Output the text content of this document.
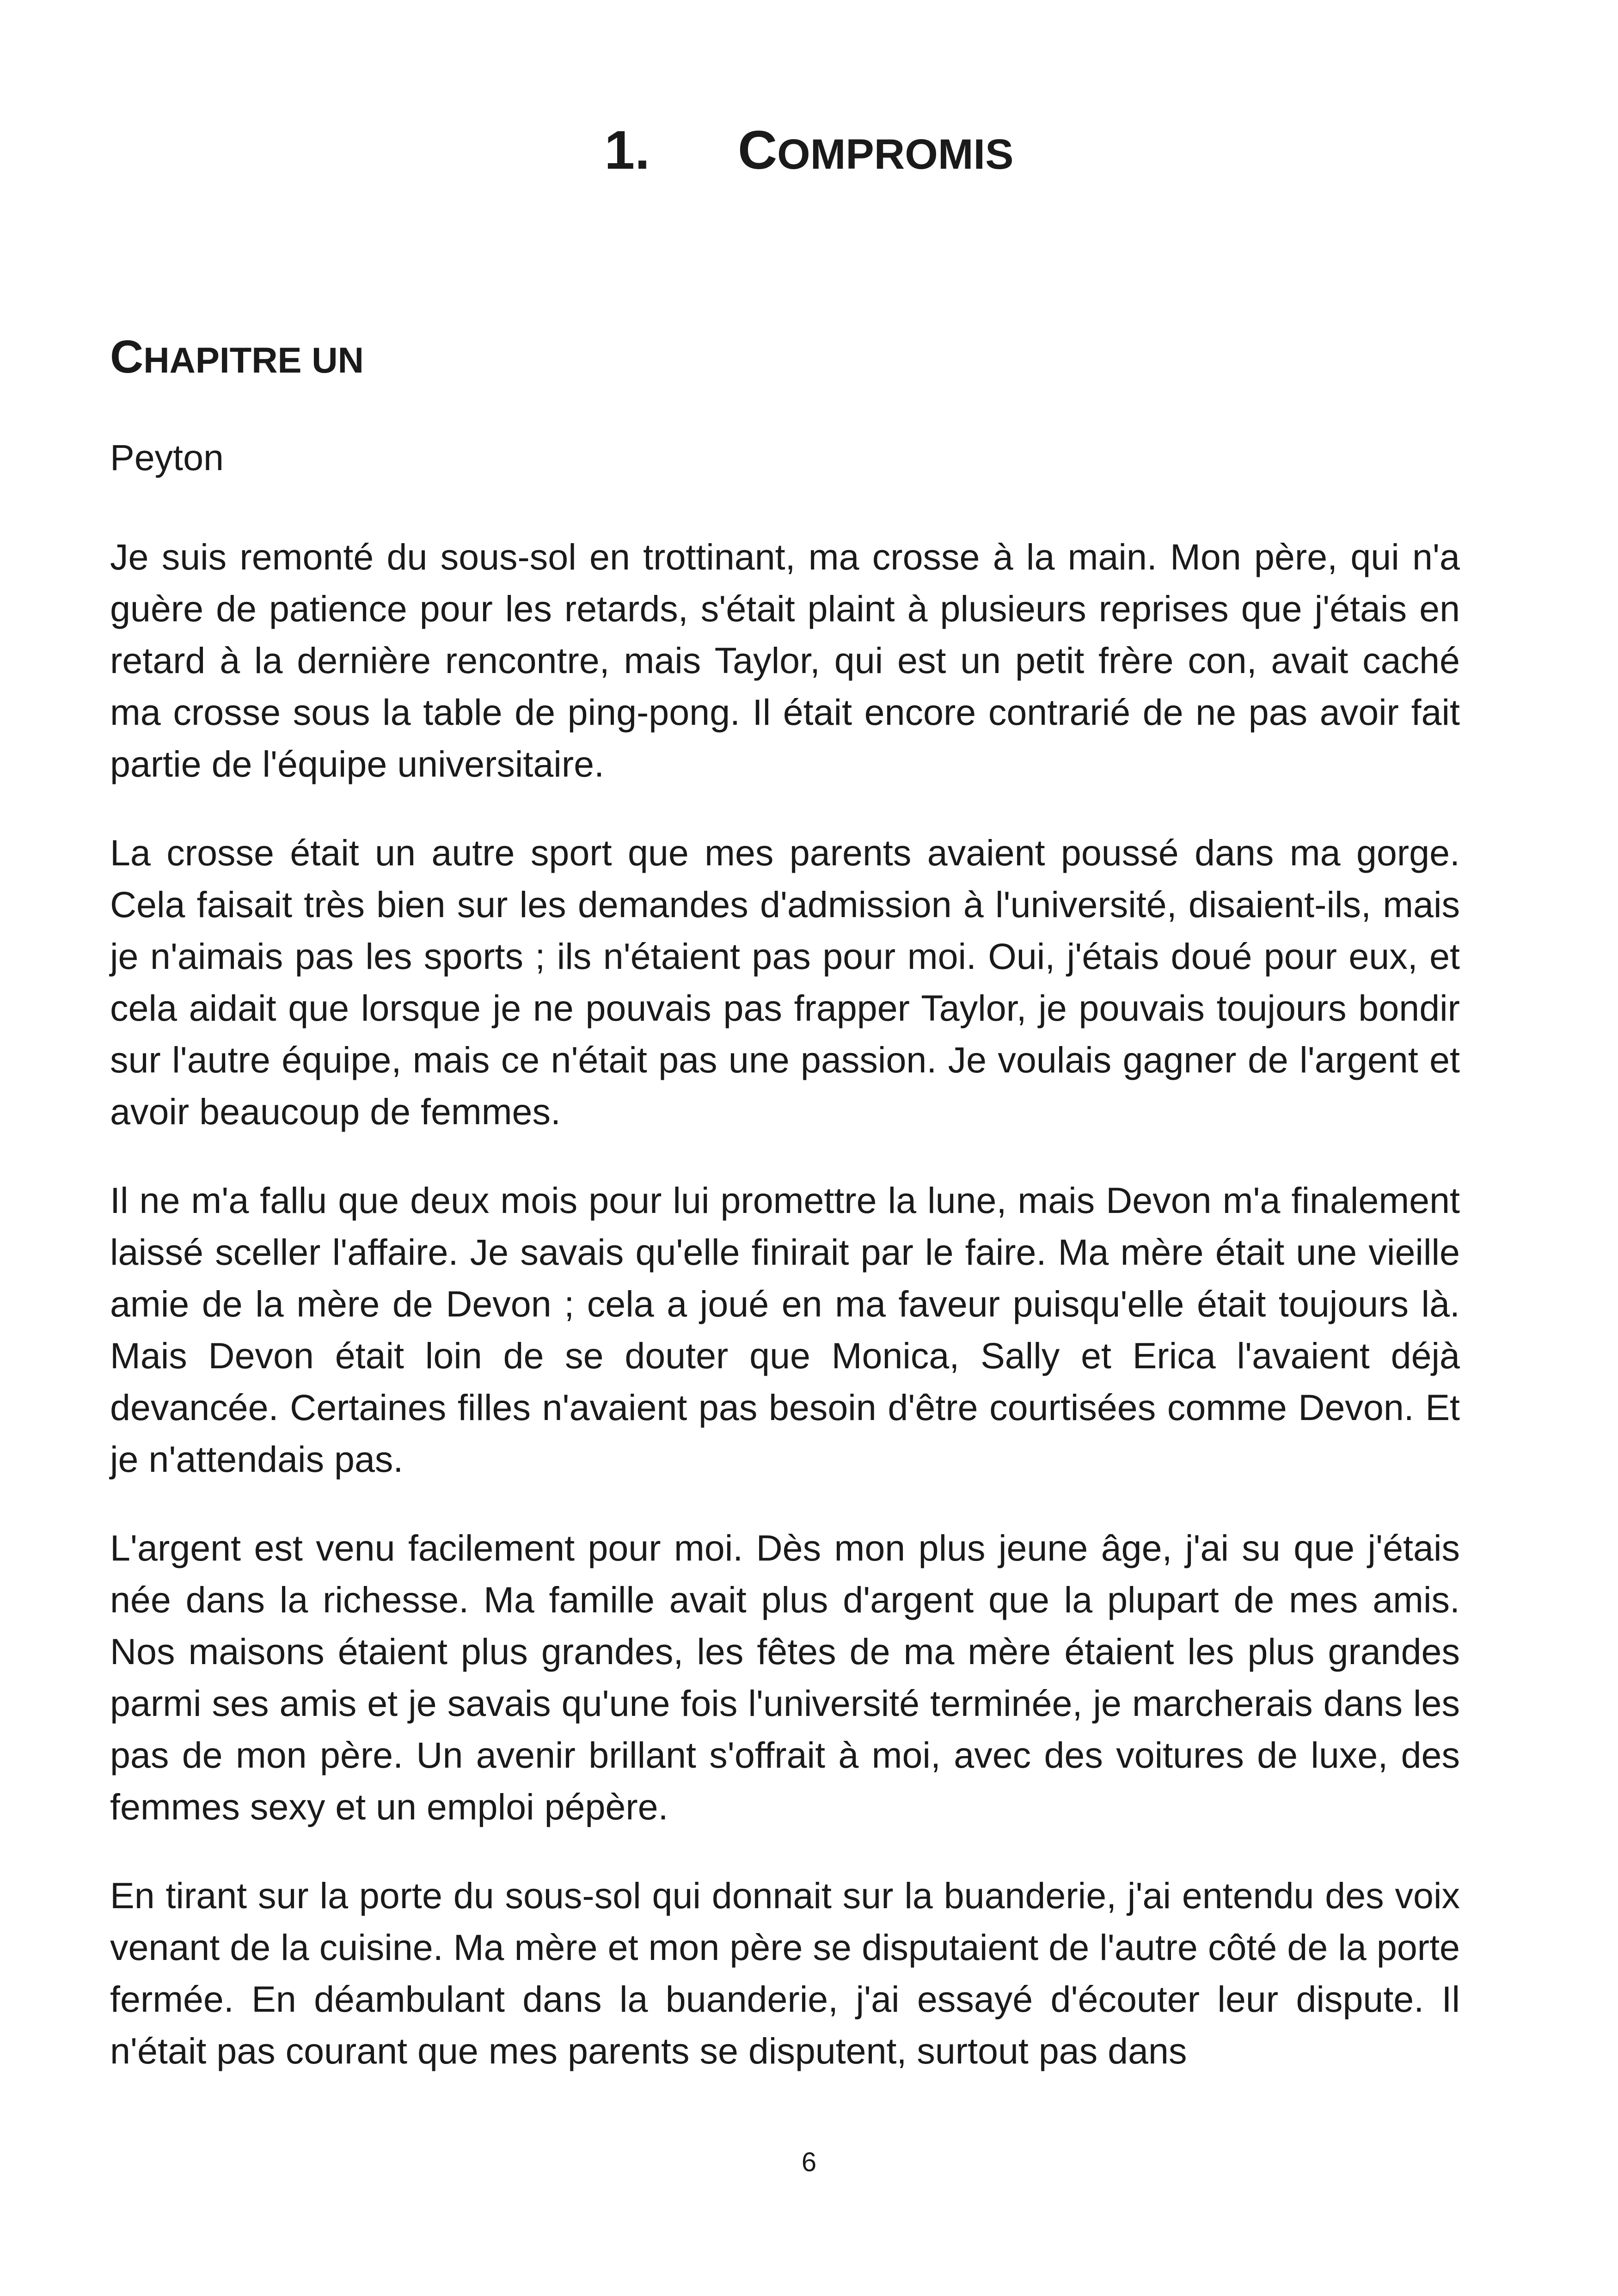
1. COMPROMIS
CHAPITRE UN

Peyton

Je suis remonté du sous-sol en trottinant, ma crosse à la main. Mon père, qui n'a guère de patience pour les retards, s'était plaint à plusieurs reprises que j'étais en retard à la dernière rencontre, mais Taylor, qui est un petit frère con, avait caché ma crosse sous la table de ping-pong. Il était encore contrarié de ne pas avoir fait partie de l'équipe universitaire.

La crosse était un autre sport que mes parents avaient poussé dans ma gorge. Cela faisait très bien sur les demandes d'admission à l'université, disaient-ils, mais je n'aimais pas les sports ; ils n'étaient pas pour moi. Oui, j'étais doué pour eux, et cela aidait que lorsque je ne pouvais pas frapper Taylor, je pouvais toujours bondir sur l'autre équipe, mais ce n'était pas une passion. Je voulais gagner de l'argent et avoir beaucoup de femmes.

Il ne m'a fallu que deux mois pour lui promettre la lune, mais Devon m'a finalement laissé sceller l'affaire. Je savais qu'elle finirait par le faire. Ma mère était une vieille amie de la mère de Devon ; cela a joué en ma faveur puisqu'elle était toujours là. Mais Devon était loin de se douter que Monica, Sally et Erica l'avaient déjà devancée. Certaines filles n'avaient pas besoin d'être courtisées comme Devon. Et je n'attendais pas.

L'argent est venu facilement pour moi. Dès mon plus jeune âge, j'ai su que j'étais née dans la richesse. Ma famille avait plus d'argent que la plupart de mes amis. Nos maisons étaient plus grandes, les fêtes de ma mère étaient les plus grandes parmi ses amis et je savais qu'une fois l'université terminée, je marcherais dans les pas de mon père. Un avenir brillant s'offrait à moi, avec des voitures de luxe, des femmes sexy et un emploi pépère.

En tirant sur la porte du sous-sol qui donnait sur la buanderie, j'ai entendu des voix venant de la cuisine. Ma mère et mon père se disputaient de l'autre côté de la porte fermée. En déambulant dans la buanderie, j'ai essayé d'écouter leur dispute. Il n'était pas courant que mes parents se disputent, surtout pas dans

6
